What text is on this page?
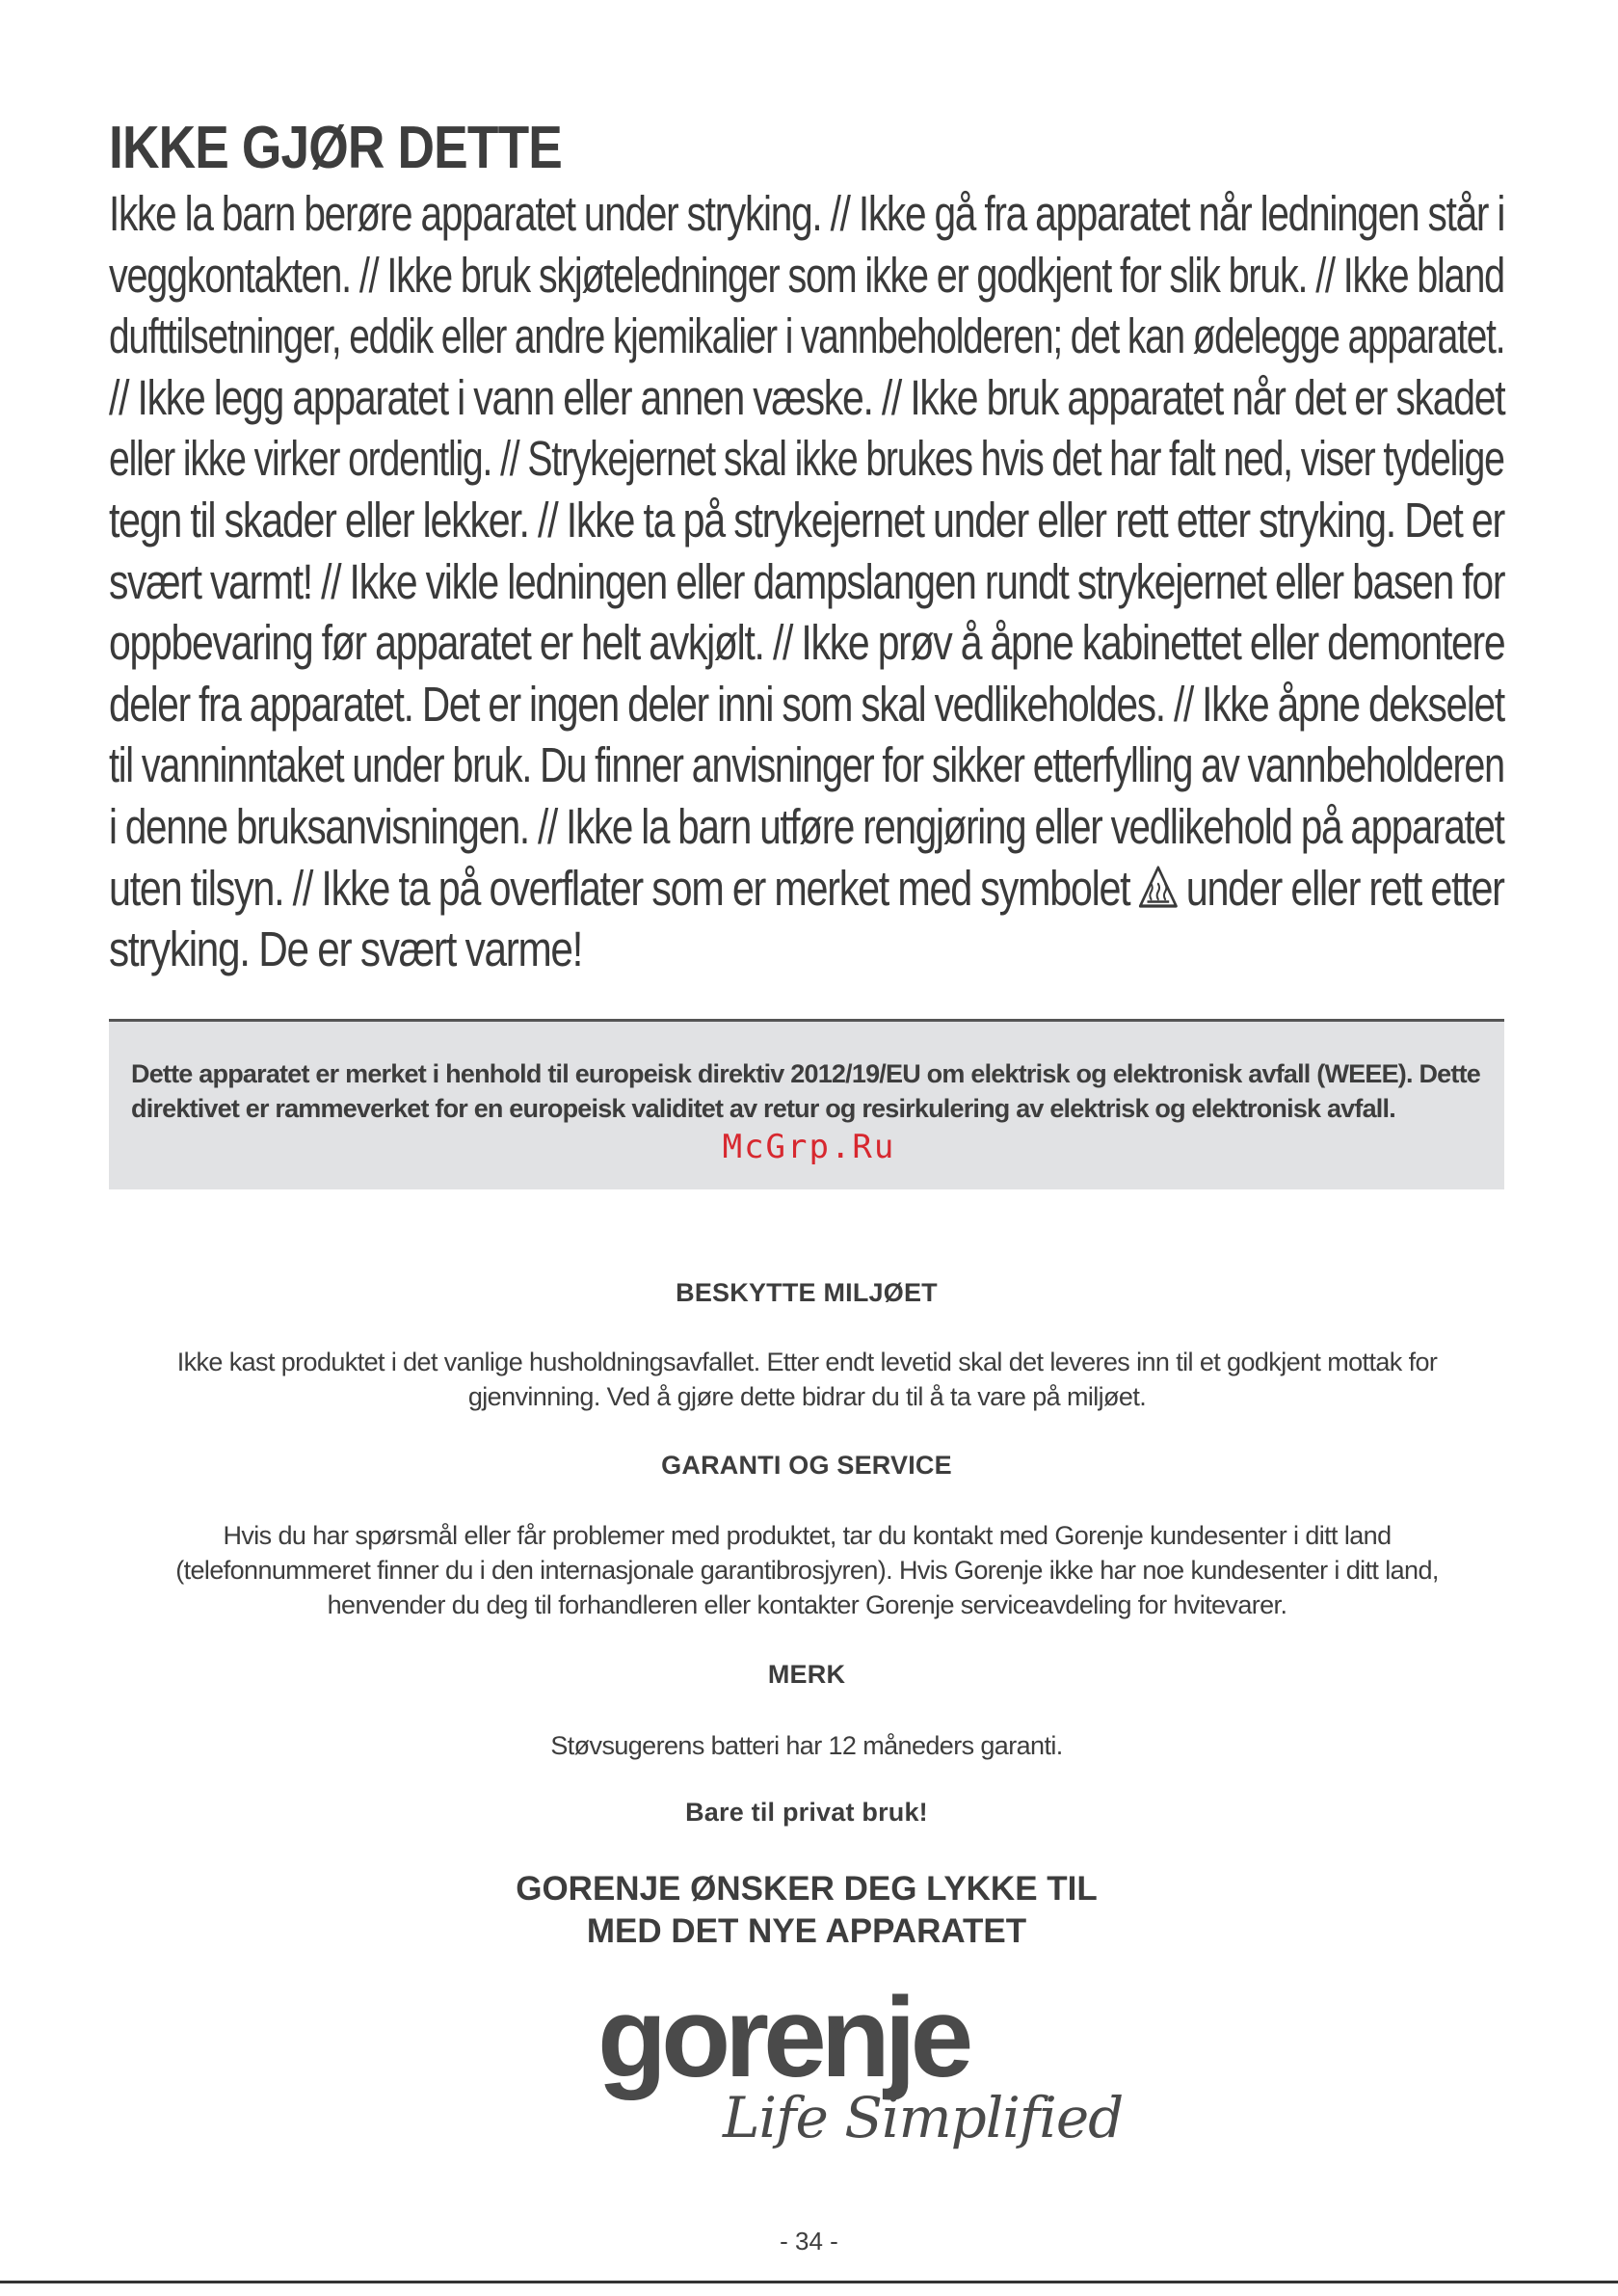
IKKE GJØR DETTE
Ikke la barn berøre apparatet under stryking. // Ikke gå fra apparatet når ledningen står i
veggkontakten. // Ikke bruk skjøteledninger som ikke er godkjent for slik bruk. // Ikke bland
dufttilsetninger, eddik eller andre kjemikalier i vannbeholderen; det kan ødelegge apparatet.
// Ikke legg apparatet i vann eller annen væske. // Ikke bruk apparatet når det er skadet
eller ikke virker ordentlig. // Strykejernet skal ikke brukes hvis det har falt ned, viser tydelige
tegn til skader eller lekker. // Ikke ta på strykejernet under eller rett etter stryking. Det er
svært varmt! // Ikke vikle ledningen eller dampslangen rundt strykejernet eller basen for
oppbevaring før apparatet er helt avkjølt. // Ikke prøv å åpne kabinettet eller demontere
deler fra apparatet. Det er ingen deler inni som skal vedlikeholdes. // Ikke åpne dekselet
til vanninntaket under bruk. Du finner anvisninger for sikker etterfylling av vannbeholderen
i denne bruksanvisningen. // Ikke la barn utføre rengjøring eller vedlikehold på apparatet
uten tilsyn. // Ikke ta på overflater som er merket med symbolet under eller rett etter
stryking. De er svært varme!

Dette apparatet er merket i henhold til europeisk direktiv 2012/19/EU om elektrisk og elektronisk avfall (WEEE). Dette direktivet er rammeverket for en europeisk validitet av retur og resirkulering av elektrisk og elektronisk avfall.

McGrp.Ru

BESKYTTE MILJØET

Ikke kast produktet i det vanlige husholdningsavfallet. Etter endt levetid skal det leveres inn til et godkjent mottak for gjenvinning. Ved å gjøre dette bidrar du til å ta vare på miljøet.

GARANTI OG SERVICE

Hvis du har spørsmål eller får problemer med produktet, tar du kontakt med Gorenje kundesenter i ditt land (telefonnummeret finner du i den internasjonale garantibrosjyren). Hvis Gorenje ikke har noe kundesenter i ditt land, henvender du deg til forhandleren eller kontakter Gorenje serviceavdeling for hvitevarer.

MERK

Støvsugerens batteri har 12 måneders garanti.

Bare til privat bruk!

GORENJE ØNSKER DEG LYKKE TIL
MED DET NYE APPARATET

gorenje
Life Simplified
- 34 -
